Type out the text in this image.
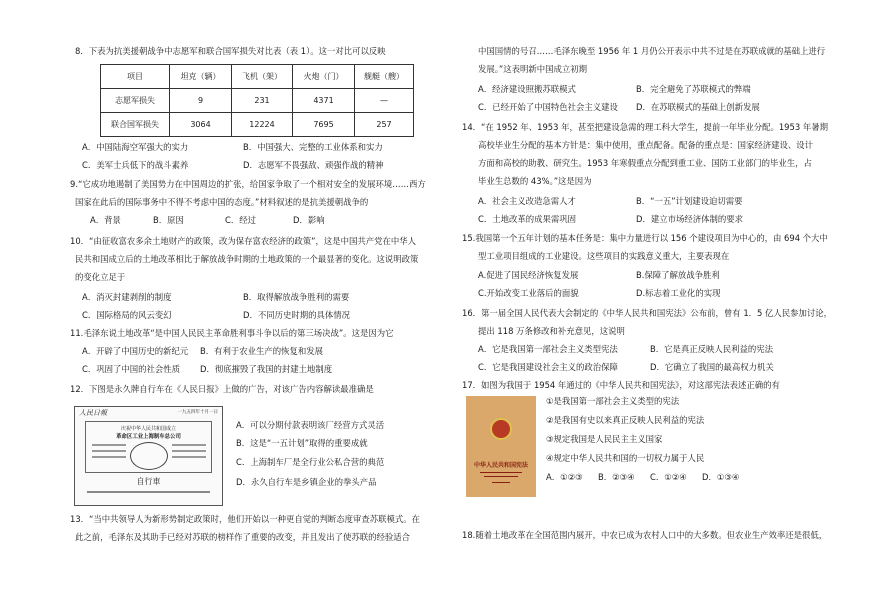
8．下表为抗美援朝战争中志愿军和联合国军损失对比表（表 1）。这一对比可以反映
项目	坦克（辆）	飞机（架）	火炮（门）	舰艇（艘）
志愿军损失	9	231	4371	—
联合国军损失	3064	12224	7695	257
A．中国陆海空军强大的实力	B．中国强大、完整的工业体系和实力
C．美军士兵低下的战斗素养	D．志愿军不畏强敌、顽强作战的精神
9.“它成功地遏制了美国势力在中国周边的扩张，给国家争取了一个相对安全的发展环境……西方
国家在此后的国际事务中不得不考虑中国的态度。”材料叙述的是抗美援朝战争的
A．背景	B．原因	C．经过	D．影响
10．“由征收富农多余土地财产的政策，改为保存富农经济的政策”，这是中国共产党在中华人
民共和国成立后的土地改革相比于解放战争时期的土地政策的一个最显著的变化。这说明政策
的变化立足于
A．消灭封建剥削的制度	B．取得解放战争胜利的需要
C．国际格局的风云变幻	D．不同历史时期的具体情况
11.毛泽东说土地改革“是中国人民民主革命胜利事斗争以后的第三场决战”。这是因为它
A．开辟了中国历史的新纪元 B．有利于农业生产的恢复和发展
C．巩固了中国的社会性质 D．彻底摧毁了我国的封建土地制度
12．下图是永久牌自行车在《人民日报》上做的广告，对该广告内容解读最准确是
人民日報	一九五四年十月一日
庆祝中华人民共和国成立
革命区工业上海制车总公司
自行車
A．可以分期付款表明该厂经营方式灵活
B．这是“一五计划”取得的重要成就
C．上海制车厂是全行业公私合营的典范
D．永久自行车是乡镇企业的拳头产品
13．“当中共领导人为新形势制定政策时，他们开始以一种更自觉的判断态度审查苏联模式。在
此之前，毛泽东及其助手已经对苏联的榜样作了重要的改变，并且发出了使苏联的经验适合
中国国情的号召……毛泽东晚至 1956 年 1 月仍公开表示中共不过是在苏联成就的基础上进行
发展。”这表明新中国成立初期
A．经济建设照搬苏联模式	B．完全避免了苏联模式的弊端
C．已经开始了中国特色社会主义建设 D．在苏联模式的基础上创新发展
14．“在 1952 年、1953 年，甚至把建设急需的理工科大学生，提前一年毕业分配。1953 年暑期
高校毕业生分配的基本方针是：集中使用，重点配备。配备的重点是：国家经济建设、设计
方面和高校的助教、研究生。1953 年寒假重点分配到重工业、国防工业部门的毕业生，占
毕业生总数的 43%。”这是因为
A．社会主义改造急需人才	B．“一五”计划建设迫切需要
C．土地改革的成果需巩固	D．建立市场经济体制的要求
15.我国第一个五年计划的基本任务是：集中力量进行以 156 个建设项目为中心的，由 694 个大中
型工业项目组成的工业建设。这些项目的实践意义重大，主要表现在
A.促进了国民经济恢复发展	B.保障了解放战争胜利
C.开始改变工业落后的面貌	D.标志着工业化的实现
16．第一届全国人民代表大会制定的《中华人民共和国宪法》公布前，曾有 1．5 亿人民参加讨论，
提出 118 万条修改和补充意见，这说明
A．它是我国第一部社会主义类型宪法	B．它是真正反映人民利益的宪法
C．它是我国建设社会主义的政治保障	D．它确立了我国的最高权力机关
17．如图为我国于 1954 年通过的《中华人民共和国宪法》，对这部宪法表述正确的有
中华人民共和国宪法
①是我国第一部社会主义类型的宪法
②是我国有史以来真正反映人民利益的宪法
③规定我国是人民民主主义国家
④规定中华人民共和国的一切权力属于人民
A．①②③ B．②③④ C．①②④ D．①③④
18.随着土地改革在全国范围内展开，中农已成为农村人口中的大多数。但农业生产效率还是很低，
